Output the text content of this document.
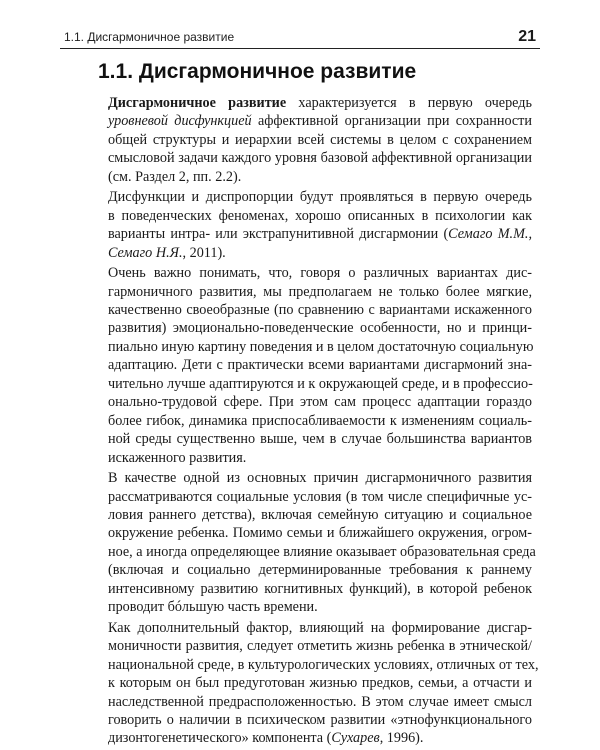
1.1. Дисгармоничное развитие	21
1.1. Дисгармоничное развитие

Дисгармоничное развитие характеризуется в первую очередь
уровневой дисфункцией аффективной организации при сохранности
общей структуры и иерархии всей системы в целом с сохранением
смысловой задачи каждого уровня базовой аффективной организации
(см. Раздел 2, пп. 2.2).

Дисфункции и диспропорции будут проявляться в первую очередь
в поведенческих феноменах, хорошо описанных в психологии как
варианты интра- или экстрапунитивной дисгармонии (Семаго М.М.,
Семаго Н.Я., 2011).

Очень важно понимать, что, говоря о различных вариантах дис-
гармоничного развития, мы предполагаем не только более мягкие,
качественно своеобразные (по сравнению с вариантами искаженного
развития) эмоционально-поведенческие особенности, но и принци-
пиально иную картину поведения и в целом достаточную социальную
адаптацию. Дети с практически всеми вариантами дисгармоний зна-
чительно лучше адаптируются и к окружающей среде, и в профессио-
онально-трудовой сфере. При этом сам процесс адаптации гораздо
более гибок, динамика приспосабливаемости к изменениям социаль-
ной среды существенно выше, чем в случае большинства вариантов
искаженного развития.

В качестве одной из основных причин дисгармоничного развития
рассматриваются социальные условия (в том числе специфичные ус-
ловия раннего детства), включая семейную ситуацию и социальное
окружение ребенка. Помимо семьи и ближайшего окружения, огром-
ное, а иногда определяющее влияние оказывает образовательная среда
(включая и социально детерминированные требования к раннему
интенсивному развитию когнитивных функций), в которой ребенок
проводит бóльшую часть времени.

Как дополнительный фактор, влияющий на формирование дисгар-
моничности развития, следует отметить жизнь ребенка в этнической/
национальной среде, в культурологических условиях, отличных от тех,
к которым он был предуготован жизнью предков, семьи, а отчасти и
наследственной предрасположенностью. В этом случае имеет смысл
говорить о наличии в психическом развитии «этнофункционального
дизонтогенетического» компонента (Сухарев, 1996).
